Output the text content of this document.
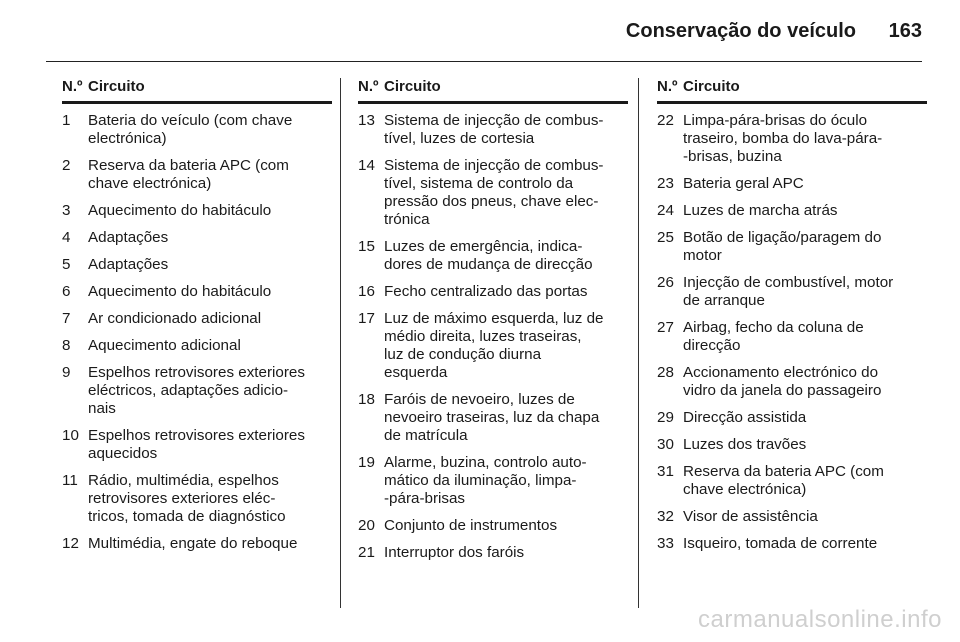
Conservação do veículo 163
N.º Circuito
1	Bateria do veículo (com chave
electrónica)
2	Reserva da bateria APC (com
chave electrónica)
3	Aquecimento do habitáculo
4	Adaptações
5	Adaptações
6	Aquecimento do habitáculo
7	Ar condicionado adicional
8	Aquecimento adicional
9	Espelhos retrovisores exteriores
eléctricos, adaptações adicio-
nais
10 Espelhos retrovisores exteriores
aquecidos
11 Rádio, multimédia, espelhos
retrovisores exteriores eléc-
tricos, tomada de diagnóstico
12 Multimédia, engate do reboque
N.º Circuito
13 Sistema de injecção de combus-
tível, luzes de cortesia
14 Sistema de injecção de combus-
tível, sistema de controlo da
pressão dos pneus, chave elec-
trónica
15 Luzes de emergência, indica-
dores de mudança de direcção
16 Fecho centralizado das portas
17 Luz de máximo esquerda, luz de
médio direita, luzes traseiras,
luz de condução diurna
esquerda
18 Faróis de nevoeiro, luzes de
nevoeiro traseiras, luz da chapa
de matrícula
19 Alarme, buzina, controlo auto-
mático da iluminação, limpa-
-pára-brisas
20 Conjunto de instrumentos
21 Interruptor dos faróis
N.º Circuito
22 Limpa-pára-brisas do óculo
traseiro, bomba do lava-pára-
-brisas, buzina
23 Bateria geral APC
24 Luzes de marcha atrás
25 Botão de ligação/paragem do
motor
26 Injecção de combustível, motor
de arranque
27 Airbag, fecho da coluna de
direcção
28 Accionamento electrónico do
vidro da janela do passageiro
29 Direcção assistida
30 Luzes dos travões
31 Reserva da bateria APC (com
chave electrónica)
32 Visor de assistência
33 Isqueiro, tomada de corrente
carmanualsonline.info
